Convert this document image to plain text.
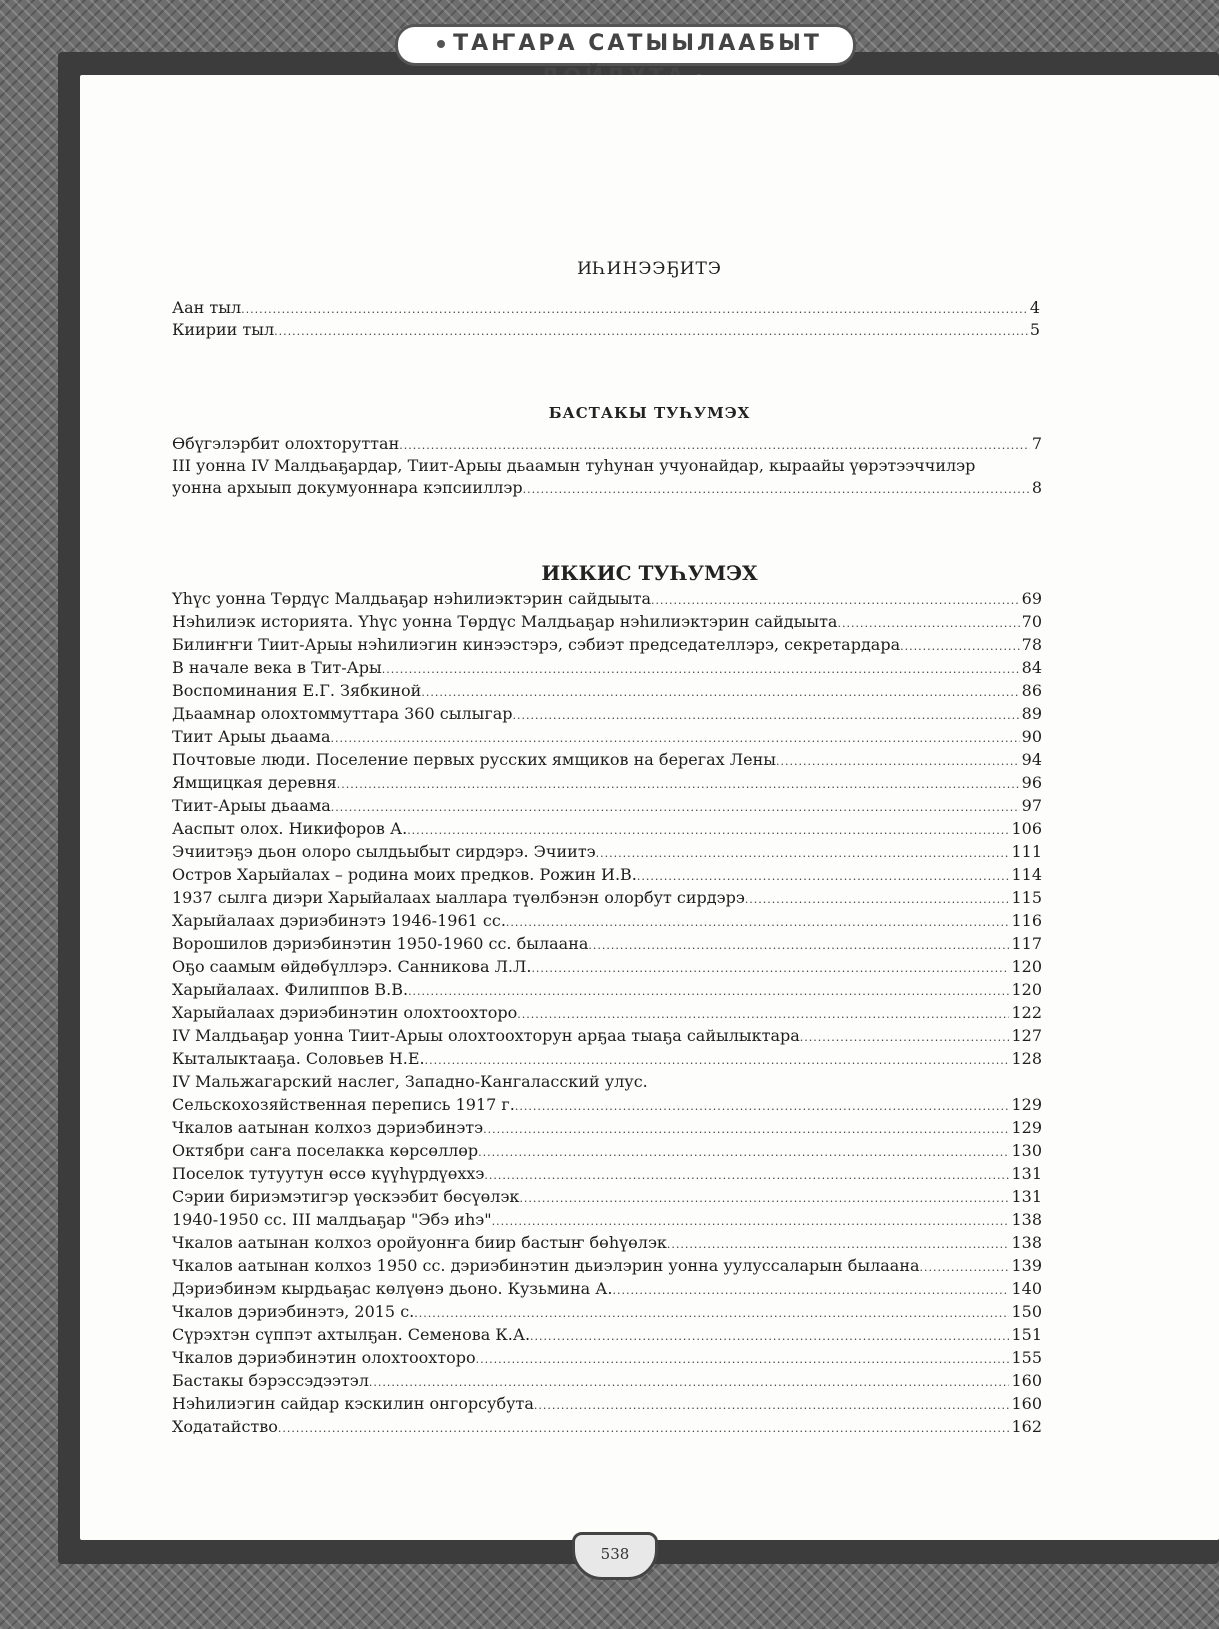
ТАҤАРА САТЫЫЛААБЫТ
ИҺИНЭЭҔИТЭ
БАСТАКЫ ТУҺУМЭХ
ИККИС ТУҺУМЭХ
Аан тыл .....	4
Киирии тыл .....	5
Өбүгэлэрбит олохторуттан .....	7
III уонна IV Малдьаҕардар, Тиит-Арыы дьаамын туһунан учуонайдар, кыраайы үөрэтээччилэр
уонна архыып докумуоннара кэпсииллэр .....	8
Үһүс уонна Төрдүс Малдьаҕар нэһилиэктэрин сайдыыта .....	69
Нэһилиэк историята. Үһүс уонна Төрдүс Малдьаҕар нэһилиэктэрин сайдыыта .....	70
Билиҥҥи Тиит-Арыы нэһилиэгин кинээстэрэ, сэбиэт председателлэрэ, секретардара .....	78
В начале века в Тит-Ары .....	84
Воспоминания Е.Г. Зябкиной .....	86
Дьаамнар олохтоммуттара 360 сылыгар .....	89
Тиит Арыы дьаама .....	90
Почтовые люди. Поселение первых русских ямщиков на берегах Лены .....	94
Ямщицкая деревня .....	96
Тиит-Арыы дьаама .....	97
Ааспыт олох. Никифоров А. .....	106
Эчиитэҕэ дьон олоро сылдьыбыт сирдэрэ. Эчиитэ .....	111
Остров Харыйалах – родина моих предков. Рожин И.В. .....	114
1937 сылга диэри Харыйалаах ыаллара түөлбэнэн олорбут сирдэрэ .....	115
Харыйалаах дэриэбинэтэ 1946-1961 сс. .....	116
Ворошилов дэриэбинэтин 1950-1960 сс. былаана .....	117
Оҕо саамым өйдөбүллэрэ. Санникова Л.Л. .....	120
Харыйалаах. Филиппов В.В. .....	120
Харыйалаах дэриэбинэтин олохтоохторо .....	122
IV Малдьаҕар уонна Тиит-Арыы олохтоохторун арҕаа тыаҕа сайылыктара .....	127
Кыталыктааҕа. Соловьев Н.Е. .....	128
IV Мальжагарский наслег, Западно-Кангаласский улус.
Сельскохозяйственная перепись 1917 г. .....	129
Чкалов аатынан колхоз дэриэбинэтэ .....	129
Октябри саҥа поселакка көрсөллөр .....	130
Поселок тутуутун өссө күүһүрдүөххэ .....	131
Сэрии бириэмэтигэр үөскээбит бөсүөлэк .....	131
1940-1950 сс. III малдьаҕар "Эбэ иһэ" .....	138
Чкалов аатынан колхоз оройуонҥа биир бастыҥ бөһүөлэк .....	138
Чкалов аатынан колхоз 1950 сс. дэриэбинэтин дьиэлэрин уонна уулуссаларын былаана .....	139
Дэриэбинэм кырдьаҕас көлүөнэ дьоно. Кузьмина А. .....	140
Чкалов дэриэбинэтэ, 2015 с. .....	150
Сүрэхтэн сүппэт ахтылҕан. Семенова К.А. .....	151
Чкалов дэриэбинэтин олохтоохторо .....	155
Бастакы бэрэссэдээтэл .....	160
Нэһилиэгин сайдар кэскилин онгорсубута .....	160
Ходатайство .....	162
538
